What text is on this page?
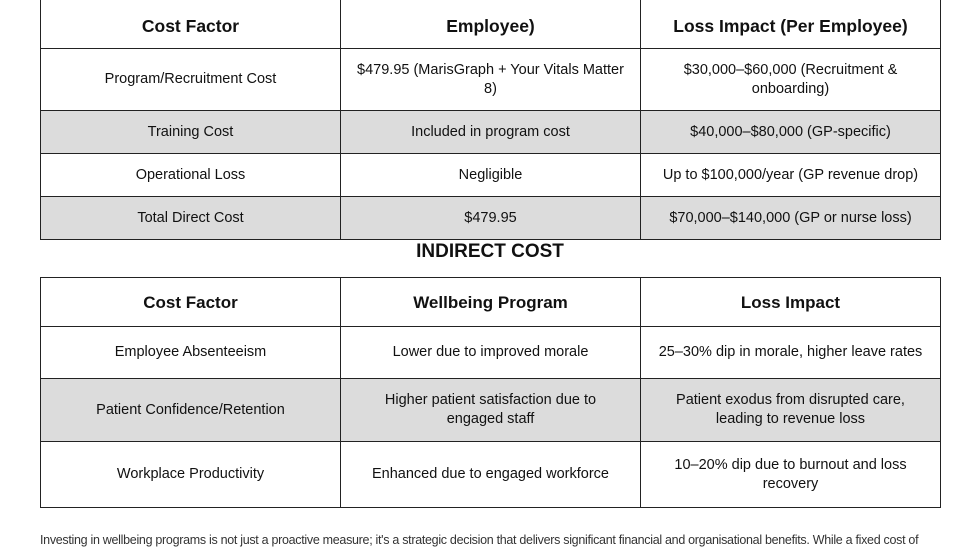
Cost Factor	Employee)	Loss Impact (Per Employee)
Program/Recruitment Cost	$479.95 (MarisGraph + Your Vitals Matter 8)	$30,000–$60,000 (Recruitment & onboarding)
Training Cost	Included in program cost	$40,000–$80,000 (GP-specific)
Operational Loss	Negligible	Up to $100,000/year (GP revenue drop)
Total Direct Cost	$479.95	$70,000–$140,000 (GP or nurse loss)
INDIRECT COST
Cost Factor	Wellbeing Program	Loss Impact
Employee Absenteeism	Lower due to improved morale	25–30% dip in morale, higher leave rates
Patient Confidence/Retention	Higher patient satisfaction due to engaged staff	Patient exodus from disrupted care, leading to revenue loss
Workplace Productivity	Enhanced due to engaged workforce	10–20% dip due to burnout and loss recovery
Investing in wellbeing programs is not just a proactive measure; it's a strategic decision that delivers significant financial and organisational benefits. While a fixed cost of
